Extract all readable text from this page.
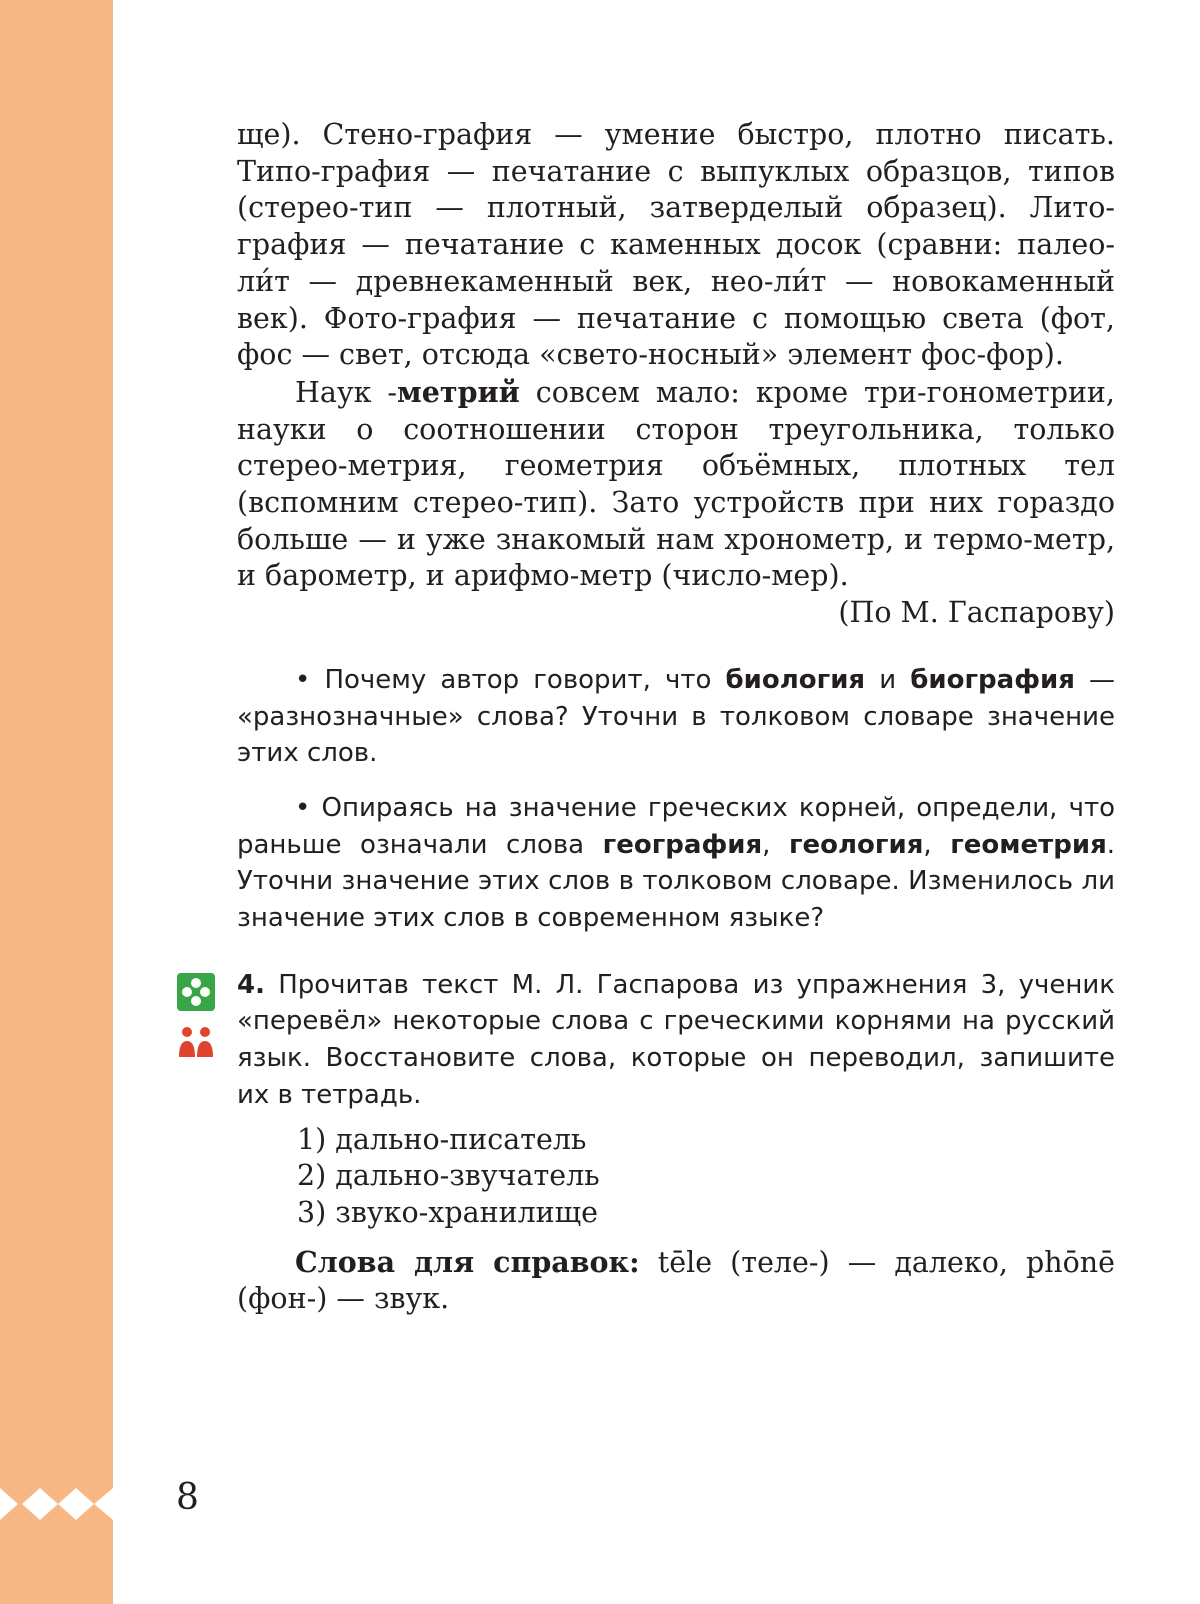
8

ще). Стено-графия — умение быстро, плотно писать. Типо-графия — печатание с выпуклых образцов, типов (стерео-тип — плотный, затверделый образец). Лито-графия — печатание с каменных досок (сравни: палео-ли́т — древнекаменный век, нео-ли́т — новокаменный век). Фото-графия — печатание с помощью света (фот, фос — свет, отсюда «свето-носный» элемент фос-фор).

Наук -метрий совсем мало: кроме три-гонометрии, науки о соотношении сторон треугольника, только стерео-метрия, геометрия объёмных, плотных тел (вспомним стерео-тип). Зато устройств при них гораздо больше — и уже знакомый нам хронометр, и термо-метр, и барометр, и арифмо-метр (число-мер).

(По М. Гаспарову)

• Почему автор говорит, что биология и биография — «разнозначные» слова? Уточни в толковом словаре значение этих слов.

• Опираясь на значение греческих корней, определи, что раньше означали слова география, геология, геометрия. Уточни значение этих слов в толковом словаре. Изменилось ли значение этих слов в современном языке?

4. Прочитав текст М. Л. Гаспарова из упражнения 3, ученик «перевёл» некоторые слова с греческими корнями на русский язык. Восстановите слова, которые он переводил, запишите их в тетрадь.

1) дально-писатель
2) дально-звучатель
3) звуко-хранилище

Слова для справок: tēle (теле-) — далеко, phōnē (фон-) — звук.
